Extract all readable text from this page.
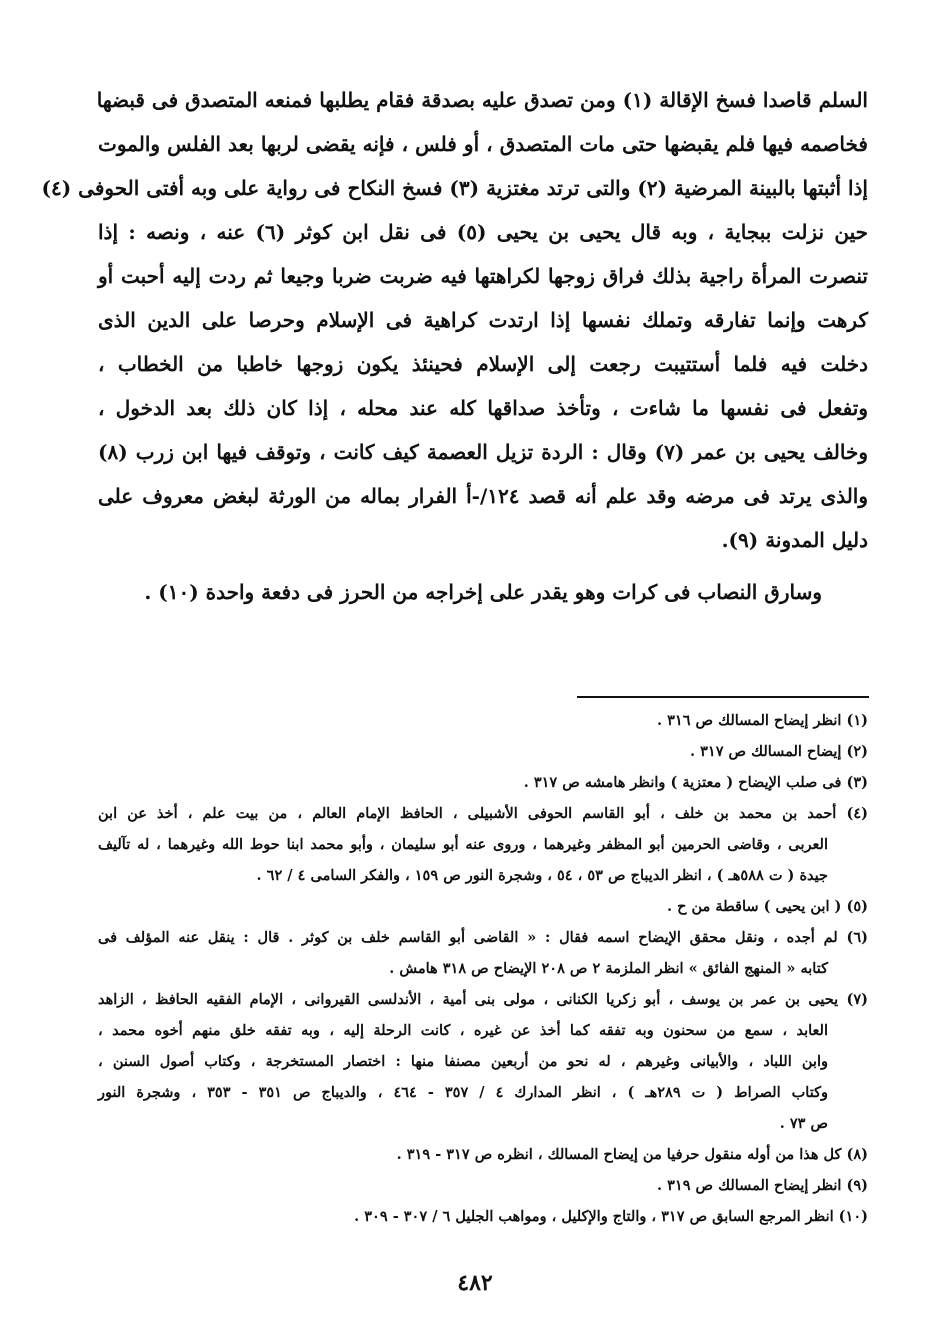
السلم قاصدا فسخ الإقالة (١) ومن تصدق عليه بصدقة فقام يطلبها فمنعه المتصدق فى قبضها
فخاصمه فيها فلم يقبضها حتى مات المتصدق ، أو فلس ، فإنه يقضى لربها بعد الفلس والموت
إذا أثبتها بالبينة المرضية (٢) والتى ترتد مغتزية (٣) فسخ النكاح فى رواية على وبه أفتى الحوفى (٤)
حين نزلت ببجاية ، وبه قال يحيى بن يحيى (٥) فى نقل ابن كوثر (٦) عنه ، ونصه : إذا
تنصرت المرأة راجية بذلك فراق زوجها لكراهتها فيه ضربت ضربا وجيعا ثم ردت إليه أحبت أو
كرهت وإنما تفارقه وتملك نفسها إذا ارتدت كراهية فى الإسلام وحرصا على الدين الذى
دخلت فيه فلما أستتيبت رجعت إلى الإسلام فحينئذ يكون زوجها خاطبا من الخطاب ،
وتفعل فى نفسها ما شاءت ، وتأخذ صداقها كله عند محله ، إذا كان ذلك بعد الدخول ،
وخالف يحيى بن عمر (٧) وقال : الردة تزيل العصمة كيف كانت ، وتوقف فيها ابن زرب (٨)
والذى يرتد فى مرضه وقد علم أنه قصد ١٢٤/-أ الفرار بماله من الورثة لبغض معروف على
دليل المدونة (٩).
وسارق النصاب فى كرات وهو يقدر على إخراجه من الحرز فى دفعة واحدة (١٠) .
(١) انظر إيضاح المسالك ص ٣١٦ .
(٢) إيضاح المسالك ص ٣١٧ .
(٣) فى صلب الإيضاح ( معتزية ) وانظر هامشه ص ٣١٧ .
(٤) أحمد بن محمد بن خلف ، أبو القاسم الحوفى الأشبيلى ، الحافظ الإمام العالم ، من بيت علم ، أخذ عن ابن
العربى ، وقاضى الحرمين أبو المظفر وغيرهما ، وروى عنه أبو سليمان ، وأبو محمد ابنا حوط الله وغيرهما ، له تآليف
جيدة ( ت ٥٨٨هـ ) ، انظر الديباج ص ٥٣ ، ٥٤ ، وشجرة النور ص ١٥٩ ، والفكر السامى ٤ / ٦٢ .
(٥) ( ابن يحيى ) ساقطة من ح .
(٦) لم أجده ، ونقل محقق الإيضاح اسمه فقال : « القاضى أبو القاسم خلف بن كوثر . قال : ينقل عنه المؤلف فى
كتابه « المنهج الفائق » انظر الملزمة ٢ ص ٢٠٨ الإيضاح ص ٣١٨ هامش .
(٧) يحيى بن عمر بن يوسف ، أبو زكريا الكنانى ، مولى بنى أمية ، الأندلسى القيروانى ، الإمام الفقيه الحافظ ، الزاهد
العابد ، سمع من سحنون وبه تفقه كما أخذ عن غيره ، كانت الرحلة إليه ، وبه تفقه خلق منهم أخوه محمد ،
وابن اللباد ، والأبيانى وغيرهم ، له نحو من أربعين مصنفا منها : اختصار المستخرجة ، وكتاب أصول السنن ،
وكتاب الصراط ( ت ٢٨٩هـ ) ، انظر المدارك ٤ / ٣٥٧ - ٤٦٤ ، والديباج ص ٣٥١ - ٣٥٣ ، وشجرة النور
ص ٧٣ .
(٨) كل هذا من أوله منقول حرفيا من إيضاح المسالك ، انظره ص ٣١٧ - ٣١٩ .
(٩) انظر إيضاح المسالك ص ٣١٩ .
(١٠) انظر المرجع السابق ص ٣١٧ ، والتاج والإكليل ، ومواهب الجليل ٦ / ٣٠٧ - ٣٠٩ .
٤٨٢
